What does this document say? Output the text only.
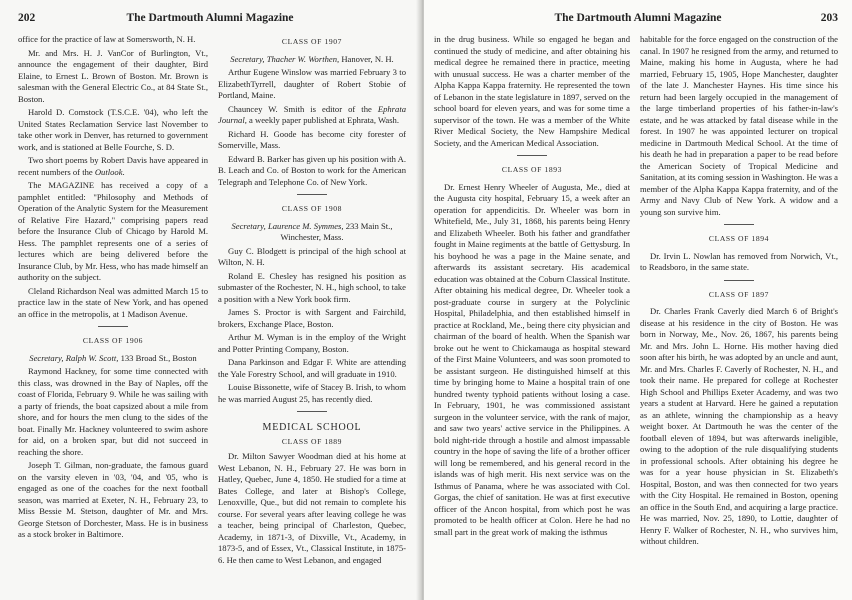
202	The Dartmouth Alumni Magazine

office for the practice of law at Somersworth, N. H.

Mr. and Mrs. H. J. VanCor of Burlington, Vt., announce the engagement of their daughter, Bird Elaine, to Ernest L. Brown of Boston. Mr. Brown is salesman with the General Electric Co., at 84 State St., Boston.

Harold D. Comstock (T.S.C.E. '04), who left the United States Reclamation Service last November to take other work in Denver, has returned to government work, and is stationed at Belle Fourche, S. D.

Two short poems by Robert Davis have appeared in recent numbers of the Outlook.

The MAGAZINE has received a copy of a pamphlet entitled: "Philosophy and Methods of Operation of the Analytic System for the Measurement of Relative Fire Hazard," comprising papers read before the Insurance Club of Chicago by Harold M. Hess. The pamphlet represents one of a series of lectures which are being delivered before the Insurance Club, by Mr. Hess, who has made himself an authority on the subject.

Cleland Richardson Neal was admitted March 15 to practice law in the state of New York, and has opened an office in the metropolis, at 1 Madison Avenue.

CLASS OF 1906

Secretary, Ralph W. Scott, 133 Broad St., Boston

Raymond Hackney, for some time connected with this class, was drowned in the Bay of Naples, off the coast of Florida, February 9. While he was sailing with a party of friends, the boat capsized about a mile from shore, and for hours the men clung to the sides of the boat. Finally Mr. Hackney volunteered to swim ashore for aid, on a broken spar, but did not succeed in reaching the shore.

Joseph T. Gilman, non-graduate, the famous guard on the varsity eleven in '03, '04, and '05, who is engaged as one of the coaches for the next football season, was married at Exeter, N. H., February 23, to Miss Bessie M. Stetson, daughter of Mr. and Mrs. George Stetson of Dorchester, Mass. He is in business as a stock broker in Baltimore.

CLASS OF 1907

Secretary, Thacher W. Worthen, Hanover, N. H.

Arthur Eugene Winslow was married February 3 to ElizabethTyrrell, daughter of Robert Stobie of Portland, Maine.

Chauncey W. Smith is editor of the Ephrata Journal, a weekly paper published at Ephrata, Wash.

Richard H. Goode has become city forester of Somerville, Mass.

Edward B. Barker has given up his position with A. B. Leach and Co. of Boston to work for the American Telegraph and Telephone Co. of New York.

CLASS OF 1908

Secretary, Laurence M. Symmes, 233 Main St., Winchester, Mass.

Guy C. Blodgett is principal of the high school at Wilton, N. H.

Roland E. Chesley has resigned his position as submaster of the Rochester, N. H., high school, to take a position with a New York book firm.

James S. Proctor is with Sargent and Fairchild, brokers, Exchange Place, Boston.

Arthur M. Wyman is in the employ of the Wright and Potter Printing Company, Boston.

Dana Parkinson and Edgar F. White are attending the Yale Forestry School, and will graduate in 1910.

Louise Bissonette, wife of Stacey B. Irish, to whom he was married August 25, has recently died.

MEDICAL SCHOOL
CLASS OF 1889

Dr. Milton Sawyer Woodman died at his home at West Lebanon, N. H., February 27. He was born in Hatley, Quebec, June 4, 1850. He studied for a time at Bates College, and later at Bishop's College, Lenoxville, Que., but did not remain to complete his course. For several years after leaving college he was a teacher, being principal of Charleston, Quebec, Academy, in 1871-3, of Dixville, Vt., Academy, in 1873-5, and of Essex, Vt., Classical Institute, in 1875-6. He then came to West Lebanon, and engaged

The Dartmouth Alumni Magazine	203

in the drug business. While so engaged he began and continued the study of medicine, and after obtaining his medical degree he remained there in practice, meeting with unusual success. He was a charter member of the Alpha Kappa Kappa fraternity. He represented the town of Lebanon in the state legislature in 1897, served on the school board for eleven years, and was for some time a supervisor of the town. He was a member of the White River Medical Society, the New Hampshire Medical Society, and the American Medical Association.

CLASS OF 1893

Dr. Ernest Henry Wheeler of Augusta, Me., died at the Augusta city hospital, February 15, a week after an operation for appendicitis. Dr. Wheeler was born in Whitefield, Me., July 31, 1868, his parents being Henry and Elizabeth Wheeler. Both his father and grandfather fought in Maine regiments at the battle of Gettysburg. In his boyhood he was a page in the Maine senate, and afterwards its assistant secretary. His academical education was obtained at the Coburn Classical Institute. After obtaining his medical degree, Dr. Wheeler took a post-graduate course in surgery at the Polyclinic Hospital, Philadelphia, and then established himself in practice at Rockland, Me., being there city physician and chairman of the board of health. When the Spanish war broke out he went to Chickamauga as hospital steward of the First Maine Volunteers, and was soon promoted to be assistant surgeon. He distinguished himself at this time by bringing home to Maine a hospital train of one hundred twenty typhoid patients without losing a case. In February, 1901, he was commissioned assistant surgeon in the volunteer service, with the rank of major, and saw two years' active service in the Philippines. A bold night-ride through a hostile and almost impassable country in the hope of saving the life of a brother officer will long be remembered, and his general record in the islands was of high merit. His next service was on the Isthmus of Panama, where he was associated with Col. Gorgas, the chief of sanitation. He was at first executive officer of the Ancon hospital, from which post he was promoted to be health officer at Colon. Here he had no small part in the great work of making the isthmus

habitable for the force engaged on the construction of the canal. In 1907 he resigned from the army, and returned to Maine, making his home in Augusta, where he had married, February 15, 1905, Hope Manchester, daughter of the late J. Manchester Haynes. His time since his return had been largely occupied in the management of the large timberland properties of his father-in-law's estate, and he was attacked by fatal disease while in the forest. In 1907 he was appointed lecturer on tropical medicine in Dartmouth Medical School. At the time of his death he had in preparation a paper to be read before the American Society of Tropical Medicine and Sanitation, at its coming session in Washington. He was a member of the Alpha Kappa Kappa fraternity, and of the Army and Navy Club of New York. A widow and a young son survive him.

CLASS OF 1894

Dr. Irvin L. Nowlan has removed from Norwich, Vt., to Readsboro, in the same state.

CLASS OF 1897

Dr. Charles Frank Caverly died March 6 of Bright's disease at his residence in the city of Boston. He was born in Norway, Me., Nov. 26, 1867, his parents being Mr. and Mrs. John L. Horne. His mother having died soon after his birth, he was adopted by an uncle and aunt, Mr. and Mrs. Charles F. Caverly of Rochester, N. H., and took their name. He prepared for college at Rochester High School and Phillips Exeter Academy, and was two years a student at Harvard. Here he gained a reputation as an athlete, winning the championship as a heavy weight boxer. At Dartmouth he was the center of the football eleven of 1894, but was afterwards ineligible, owing to the adoption of the rule disqualifying students in professional schools. After obtaining his degree he was for a year house physician in St. Elizabeth's Hospital, Boston, and was then connected for two years with the City Hospital. He remained in Boston, opening an office in the South End, and acquiring a large practice. He was married, Nov. 25, 1890, to Lottie, daughter of Henry F. Walker of Rochester, N. H., who survives him, without children.
